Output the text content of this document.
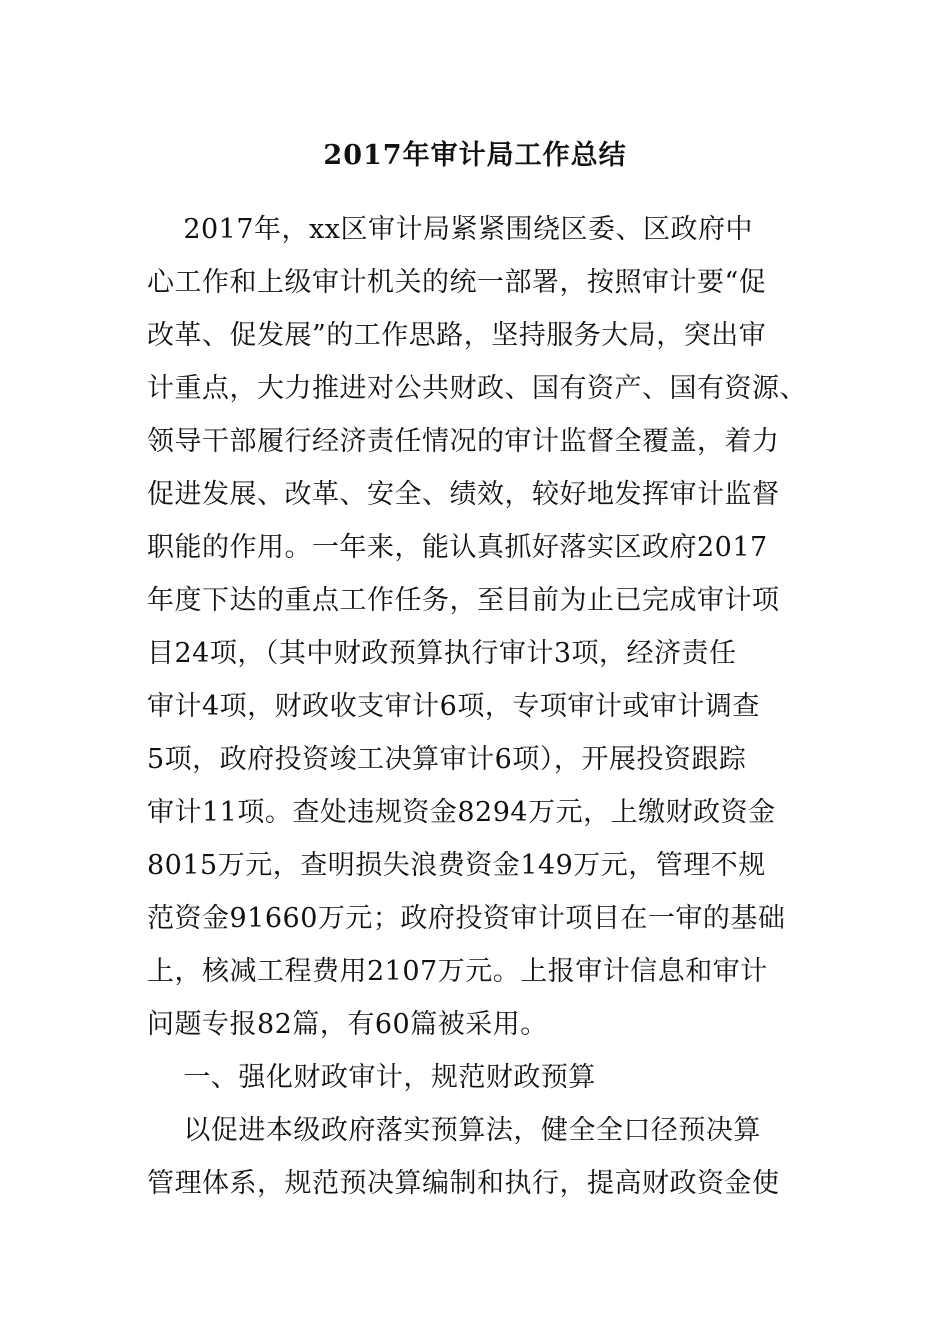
2017年审计局工作总结
2017年，xx区审计局紧紧围绕区委、区政府中
心工作和上级审计机关的统一部署，按照审计要“促
改革、促发展”的工作思路，坚持服务大局，突出审
计重点，大力推进对公共财政、国有资产、国有资源、
领导干部履行经济责任情况的审计监督全覆盖，着力
促进发展、改革、安全、绩效，较好地发挥审计监督
职能的作用。一年来，能认真抓好落实区政府2017
年度下达的重点工作任务，至目前为止已完成审计项
目24项，（其中财政预算执行审计3项，经济责任
审计4项，财政收支审计6项，专项审计或审计调查
5项，政府投资竣工决算审计6项），开展投资跟踪
审计11项。查处违规资金8294万元，上缴财政资金
8015万元，查明损失浪费资金149万元，管理不规
范资金91660万元；政府投资审计项目在一审的基础
上，核减工程费用2107万元。上报审计信息和审计
问题专报82篇，有60篇被采用。
一、强化财政审计，规范财政预算
以促进本级政府落实预算法，健全全口径预决算
管理体系，规范预决算编制和执行，提高财政资金使
